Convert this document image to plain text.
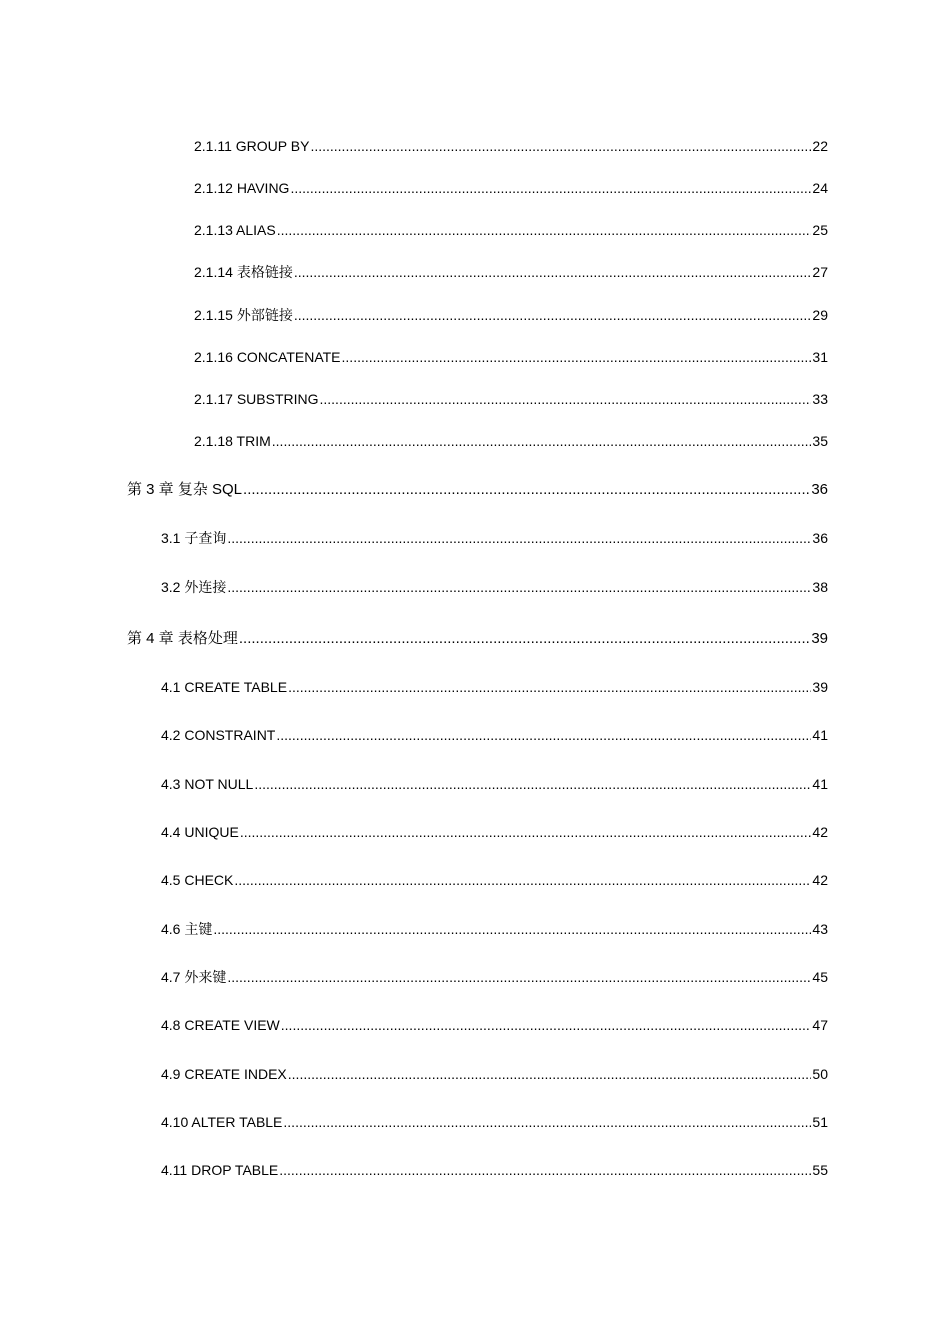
2.1.11 GROUP BY .....	22
2.1.12 HAVING .....	24
2.1.13 ALIAS .....	25
2.1.14 表格链接 .....	27
2.1.15 外部链接 .....	29
2.1.16 CONCATENATE .....	31
2.1.17 SUBSTRING .....	33
2.1.18 TRIM .....	35
第 3 章 复杂 SQL .....	36
3.1 子查询 .....	36
3.2 外连接 .....	38
第 4 章 表格处理 .....	39
4.1 CREATE TABLE .....	39
4.2 CONSTRAINT .....	41
4.3 NOT NULL .....	41
4.4 UNIQUE .....	42
4.5 CHECK .....	42
4.6 主键 .....	43
4.7 外来键 .....	45
4.8 CREATE VIEW .....	47
4.9 CREATE INDEX .....	50
4.10 ALTER TABLE .....	51
4.11 DROP TABLE .....	55
